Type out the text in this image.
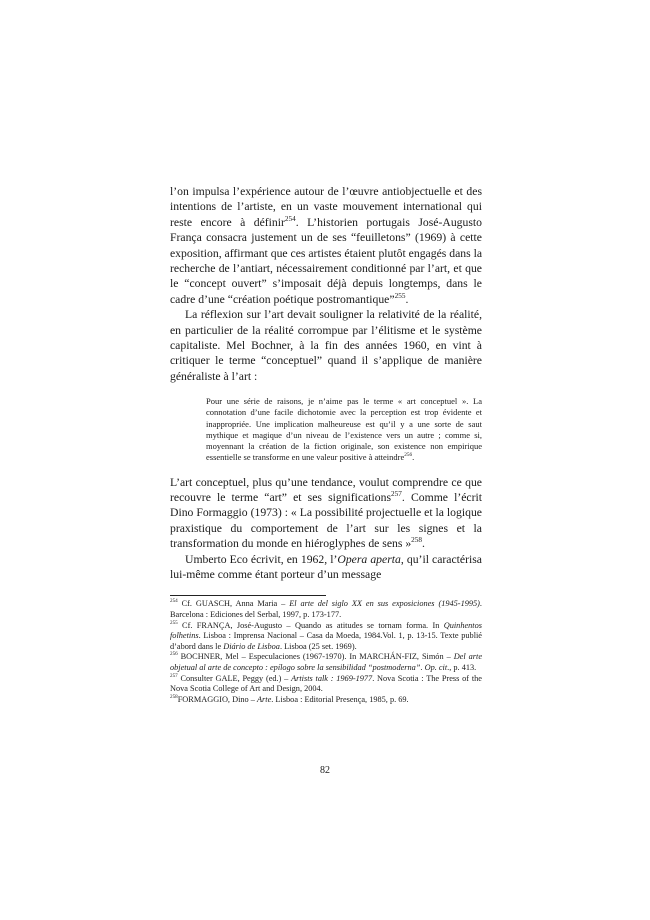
l’on impulsa l’expérience autour de l’œuvre antiobjectuelle et des intentions de l’artiste, en un vaste mouvement international qui reste encore à définir$^{254}$. L’historien portugais José-Augusto França consacra justement un de ses “feuilletons” (1969) à cette exposition, affirmant que ces artistes étaient plutôt engagés dans la recherche de l’antiart, nécessairement conditionné par l’art, et que le “concept ouvert” s’imposait déjà depuis longtemps, dans le cadre d’une “création poétique postromantique”$^{255}$.

La réflexion sur l’art devait souligner la relativité de la réalité, en particulier de la réalité corrompue par l’élitisme et le système capitaliste. Mel Bochner, à la fin des années 1960, en vint à critiquer le terme “conceptuel” quand il s’applique de manière généraliste à l’art :

Pour une série de raisons, je n’aime pas le terme « art conceptuel ». La connotation d’une facile dichotomie avec la perception est trop évidente et inappropriée. Une implication malheureuse est qu’il y a une sorte de saut mythique et magique d’un niveau de l’existence vers un autre ; comme si, moyennant la création de la fiction originale, son existence non empirique essentielle se transforme en une valeur positive à atteindre$^{256}$.

L’art conceptuel, plus qu’une tendance, voulut comprendre ce que recouvre le terme “art” et ses significations$^{257}$. Comme l’écrit Dino Formaggio (1973) : « La possibilité projectuelle et la logique praxistique du comportement de l’art sur les signes et la transformation du monde en hiéroglyphes de sens »$^{258}$.

Umberto Eco écrivit, en 1962, l’Opera aperta, qu’il caractérisa lui-même comme étant porteur d’un message

$^{254}$ Cf. GUASCH, Anna Maria – El arte del siglo XX en sus exposiciones (1945-1995). Barcelona : Ediciones del Serbal, 1997, p. 173-177.

$^{255}$ Cf. FRANÇA, José-Augusto – Quando as atitudes se tornam forma. In Quinhentos folhetins. Lisboa : Imprensa Nacional – Casa da Moeda, 1984.Vol. 1, p. 13-15. Texte publié d’abord dans le Diário de Lisboa. Lisboa (25 set. 1969).

$^{256}$ BOCHNER, Mel – Especulaciones (1967-1970). In MARCHÁN-FIZ, Simón – Del arte objetual al arte de concepto : epílogo sobre la sensibilidad “postmoderna”. Op. cit., p. 413.

$^{257}$ Consulter GALE, Peggy (ed.) – Artists talk : 1969-1977. Nova Scotia : The Press of the Nova Scotia College of Art and Design, 2004.

$^{258}$FORMAGGIO, Dino – Arte. Lisboa : Editorial Presença, 1985, p. 69.

82
